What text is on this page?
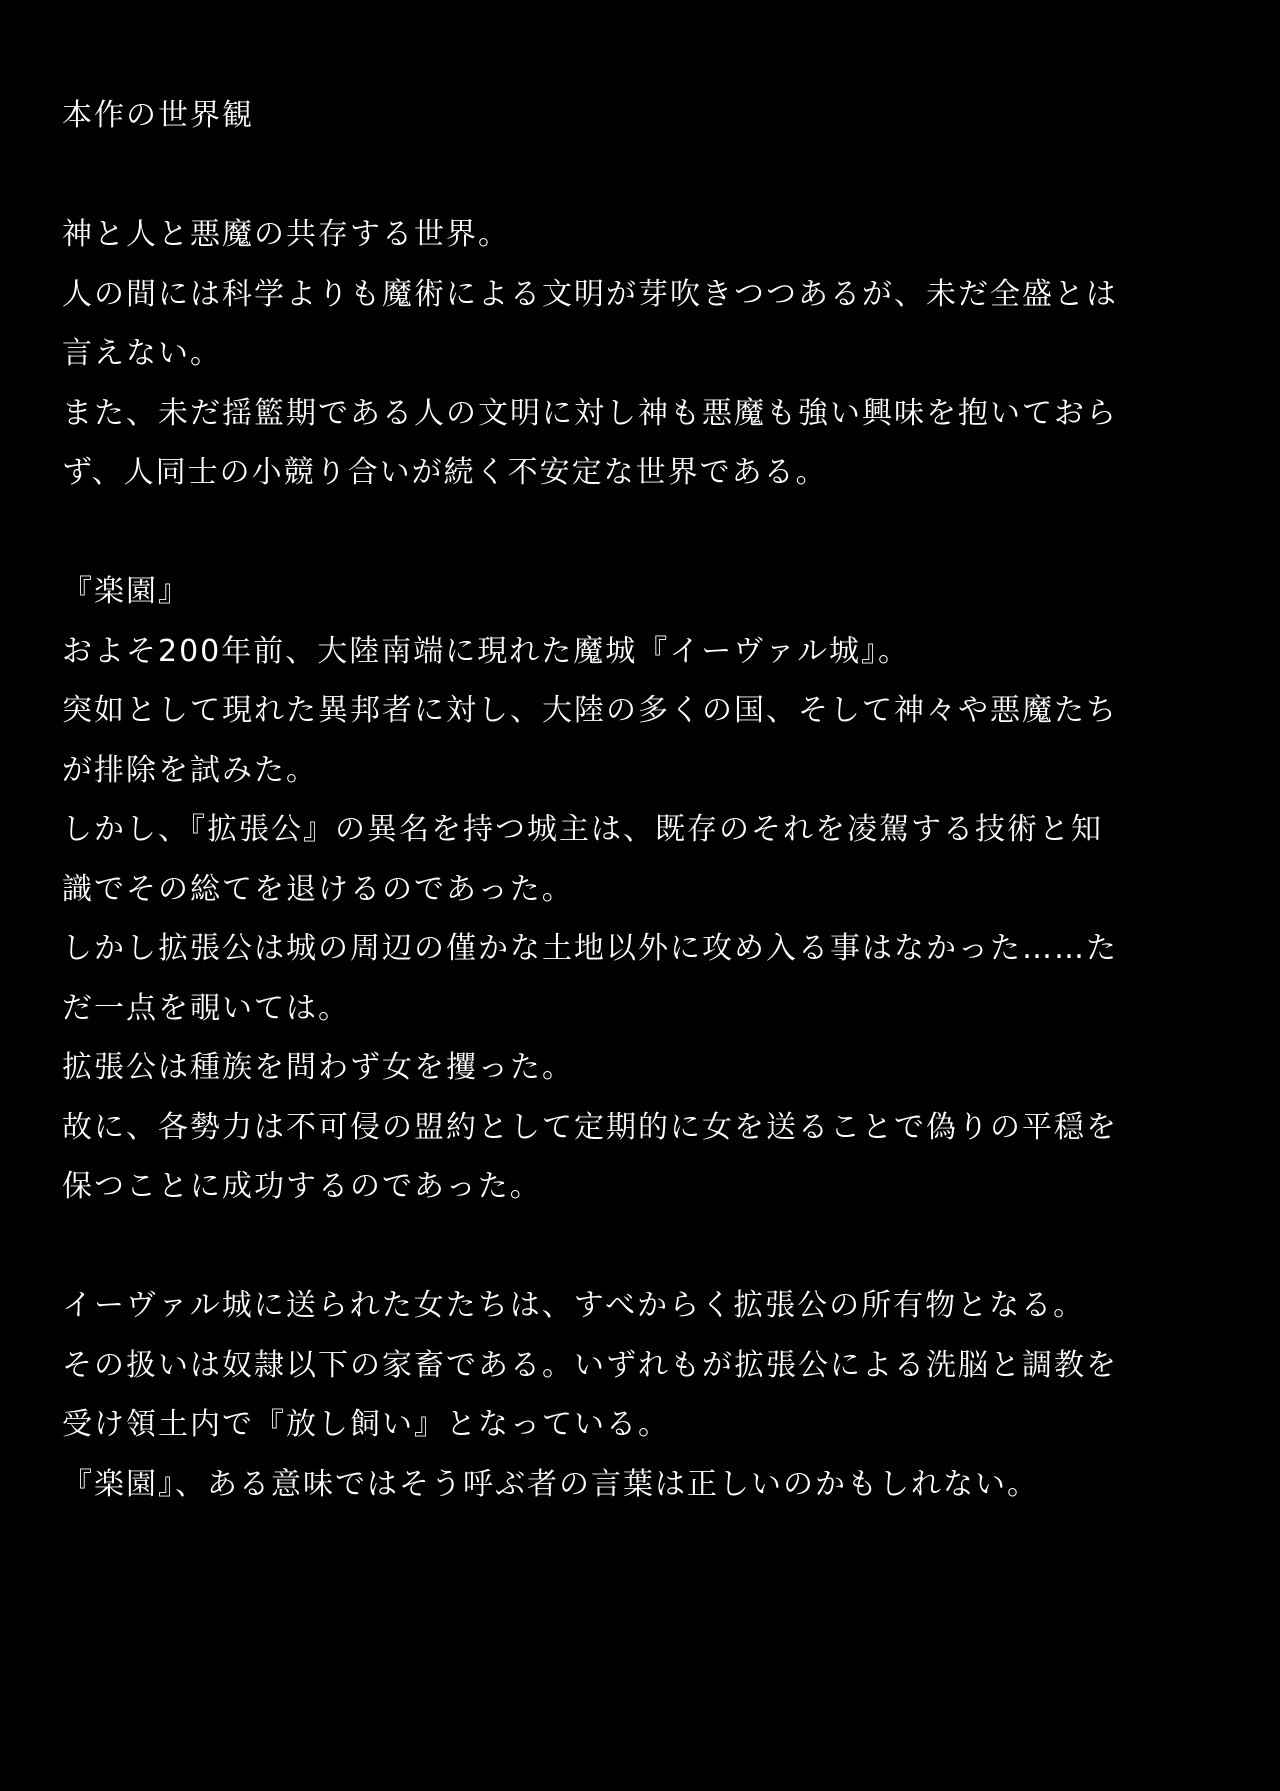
本作の世界観
神と人と悪魔の共存する世界。
人の間には科学よりも魔術による文明が芽吹きつつあるが、未だ全盛とは
言えない。
また、未だ揺籃期である人の文明に対し神も悪魔も強い興味を抱いておら
ず、人同士の小競り合いが続く不安定な世界である。
『楽園』
およそ200年前、大陸南端に現れた魔城『イーヴァル城』。
突如として現れた異邦者に対し、大陸の多くの国、そして神々や悪魔たち
が排除を試みた。
しかし、『拡張公』の異名を持つ城主は、既存のそれを凌駕する技術と知
識でその総てを退けるのであった。
しかし拡張公は城の周辺の僅かな土地以外に攻め入る事はなかった……た
だ一点を覗いては。
拡張公は種族を問わず女を攫った。
故に、各勢力は不可侵の盟約として定期的に女を送ることで偽りの平穏を
保つことに成功するのであった。
イーヴァル城に送られた女たちは、すべからく拡張公の所有物となる。
その扱いは奴隷以下の家畜である。いずれもが拡張公による洗脳と調教を
受け領土内で『放し飼い』となっている。
『楽園』、ある意味ではそう呼ぶ者の言葉は正しいのかもしれない。
